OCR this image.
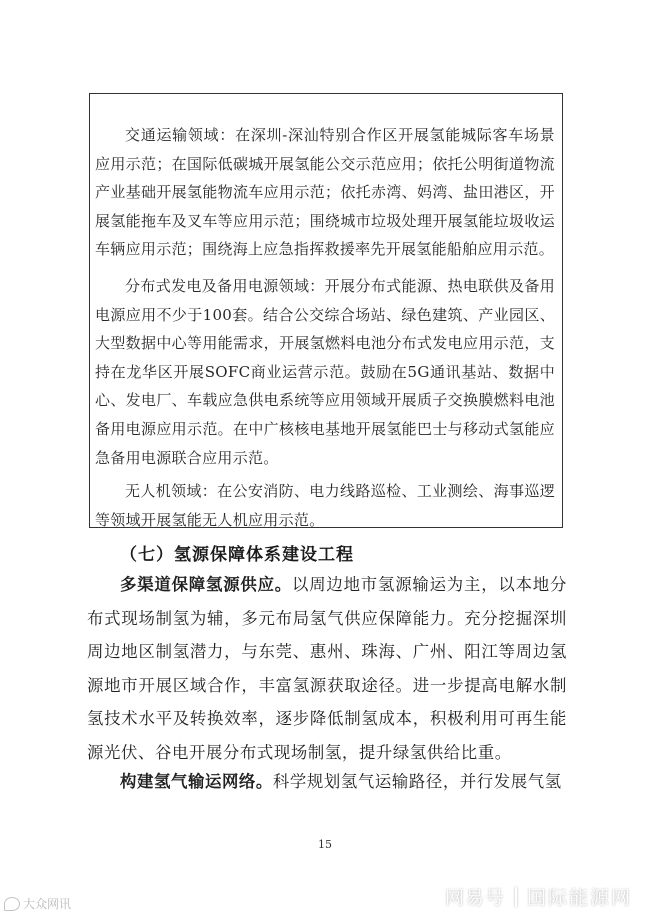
交通运输领域：在深圳-深汕特别合作区开展氢能城际客车场景应用示范；在国际低碳城开展氢能公交示范应用；依托公明街道物流产业基础开展氢能物流车应用示范；依托赤湾、妈湾、盐田港区，开展氢能拖车及叉车等应用示范；围绕城市垃圾处理开展氢能垃圾收运车辆应用示范；围绕海上应急指挥救援率先开展氢能船舶应用示范。

分布式发电及备用电源领域：开展分布式能源、热电联供及备用电源应用不少于100套。结合公交综合场站、绿色建筑、产业园区、大型数据中心等用能需求，开展氢燃料电池分布式发电应用示范，支持在龙华区开展SOFC商业运营示范。鼓励在5G通讯基站、数据中心、发电厂、车载应急供电系统等应用领域开展质子交换膜燃料电池备用电源应用示范。在中广核核电基地开展氢能巴士与移动式氢能应急备用电源联合应用示范。

无人机领域：在公安消防、电力线路巡检、工业测绘、海事巡逻等领域开展氢能无人机应用示范。

（七）氢源保障体系建设工程

多渠道保障氢源供应。以周边地市氢源输运为主，以本地分布式现场制氢为辅，多元布局氢气供应保障能力。充分挖掘深圳周边地区制氢潜力，与东莞、惠州、珠海、广州、阳江等周边氢源地市开展区域合作，丰富氢源获取途径。进一步提高电解水制氢技术水平及转换效率，逐步降低制氢成本，积极利用可再生能源光伏、谷电开展分布式现场制氢，提升绿氢供给比重。

构建氢气输运网络。科学规划氢气运输路径，并行发展气氢

15
大众网讯	网易号 国际能源网
